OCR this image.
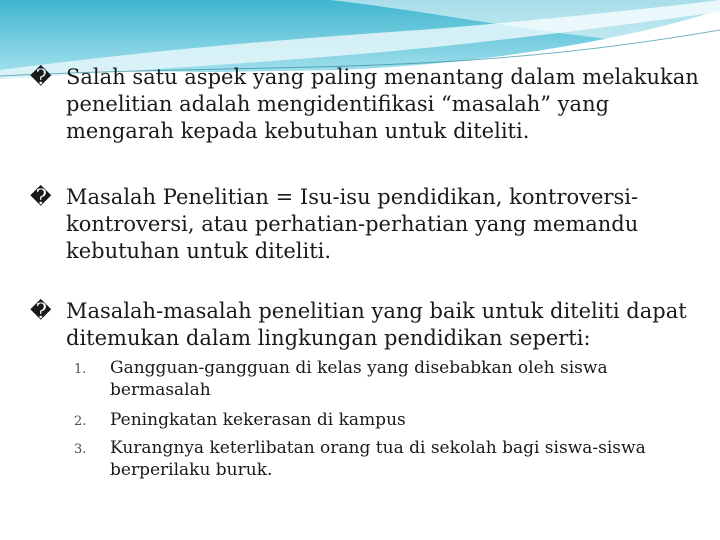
� Salah satu aspek yang paling menantang dalam melakukan penelitian adalah mengidentifikasi “masalah” yang mengarah kepada kebutuhan untuk diteliti.

� Masalah Penelitian = Isu-isu pendidikan, kontroversi-kontroversi, atau perhatian-perhatian yang memandu kebutuhan untuk diteliti.

� Masalah-masalah penelitian yang baik untuk diteliti dapat ditemukan dalam lingkungan pendidikan seperti:

1. Gangguan-gangguan di kelas yang disebabkan oleh siswa bermasalah
2. Peningkatan kekerasan di kampus
3. Kurangnya keterlibatan orang tua di sekolah bagi siswa-siswa berperilaku buruk.
